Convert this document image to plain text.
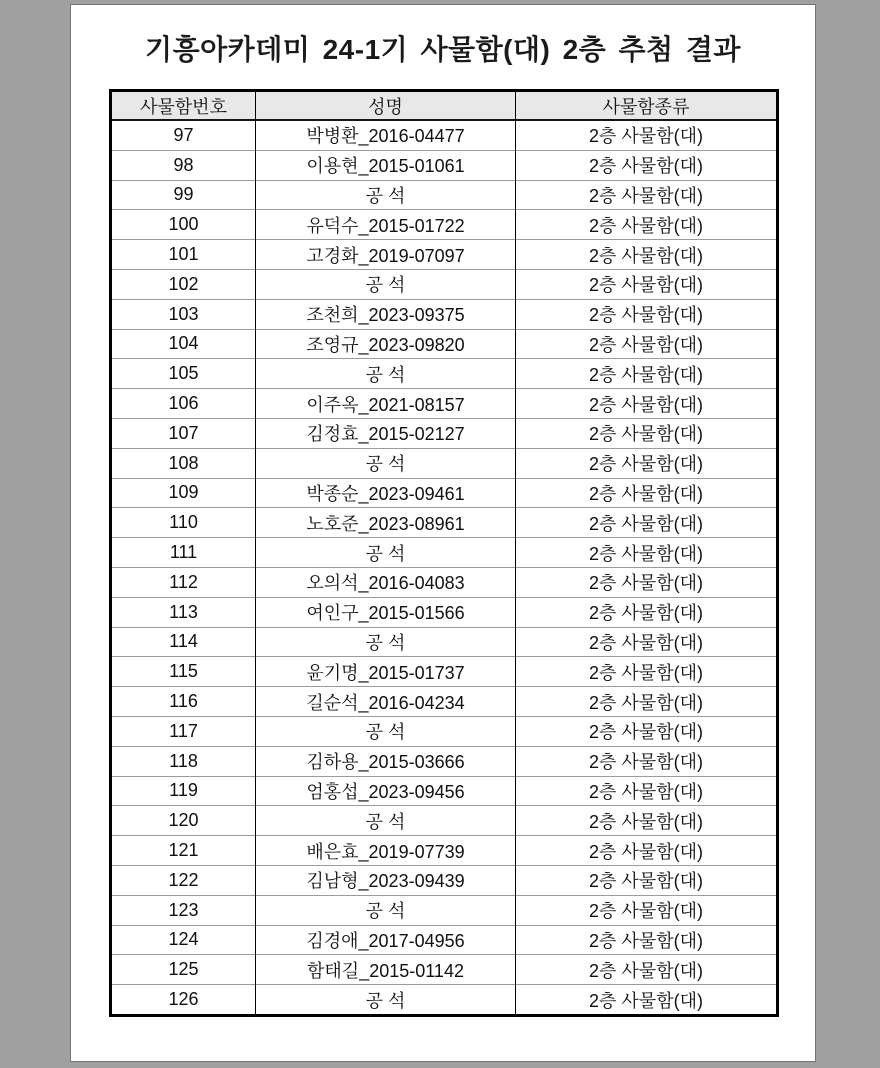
기흥아카데미 24-1기 사물함(대) 2층 추첨 결과
사물함번호	성명	사물함종류
97	박병환_2016-04477	2층 사물함(대)
98	이용현_2015-01061	2층 사물함(대)
99	공 석	2층 사물함(대)
100	유덕수_2015-01722	2층 사물함(대)
101	고경화_2019-07097	2층 사물함(대)
102	공 석	2층 사물함(대)
103	조천희_2023-09375	2층 사물함(대)
104	조영규_2023-09820	2층 사물함(대)
105	공 석	2층 사물함(대)
106	이주옥_2021-08157	2층 사물함(대)
107	김정효_2015-02127	2층 사물함(대)
108	공 석	2층 사물함(대)
109	박종순_2023-09461	2층 사물함(대)
110	노호준_2023-08961	2층 사물함(대)
111	공 석	2층 사물함(대)
112	오의석_2016-04083	2층 사물함(대)
113	여인구_2015-01566	2층 사물함(대)
114	공 석	2층 사물함(대)
115	윤기명_2015-01737	2층 사물함(대)
116	길순석_2016-04234	2층 사물함(대)
117	공 석	2층 사물함(대)
118	김하용_2015-03666	2층 사물함(대)
119	엄홍섭_2023-09456	2층 사물함(대)
120	공 석	2층 사물함(대)
121	배은효_2019-07739	2층 사물함(대)
122	김남형_2023-09439	2층 사물함(대)
123	공 석	2층 사물함(대)
124	김경애_2017-04956	2층 사물함(대)
125	함태길_2015-01142	2층 사물함(대)
126	공 석	2층 사물함(대)
